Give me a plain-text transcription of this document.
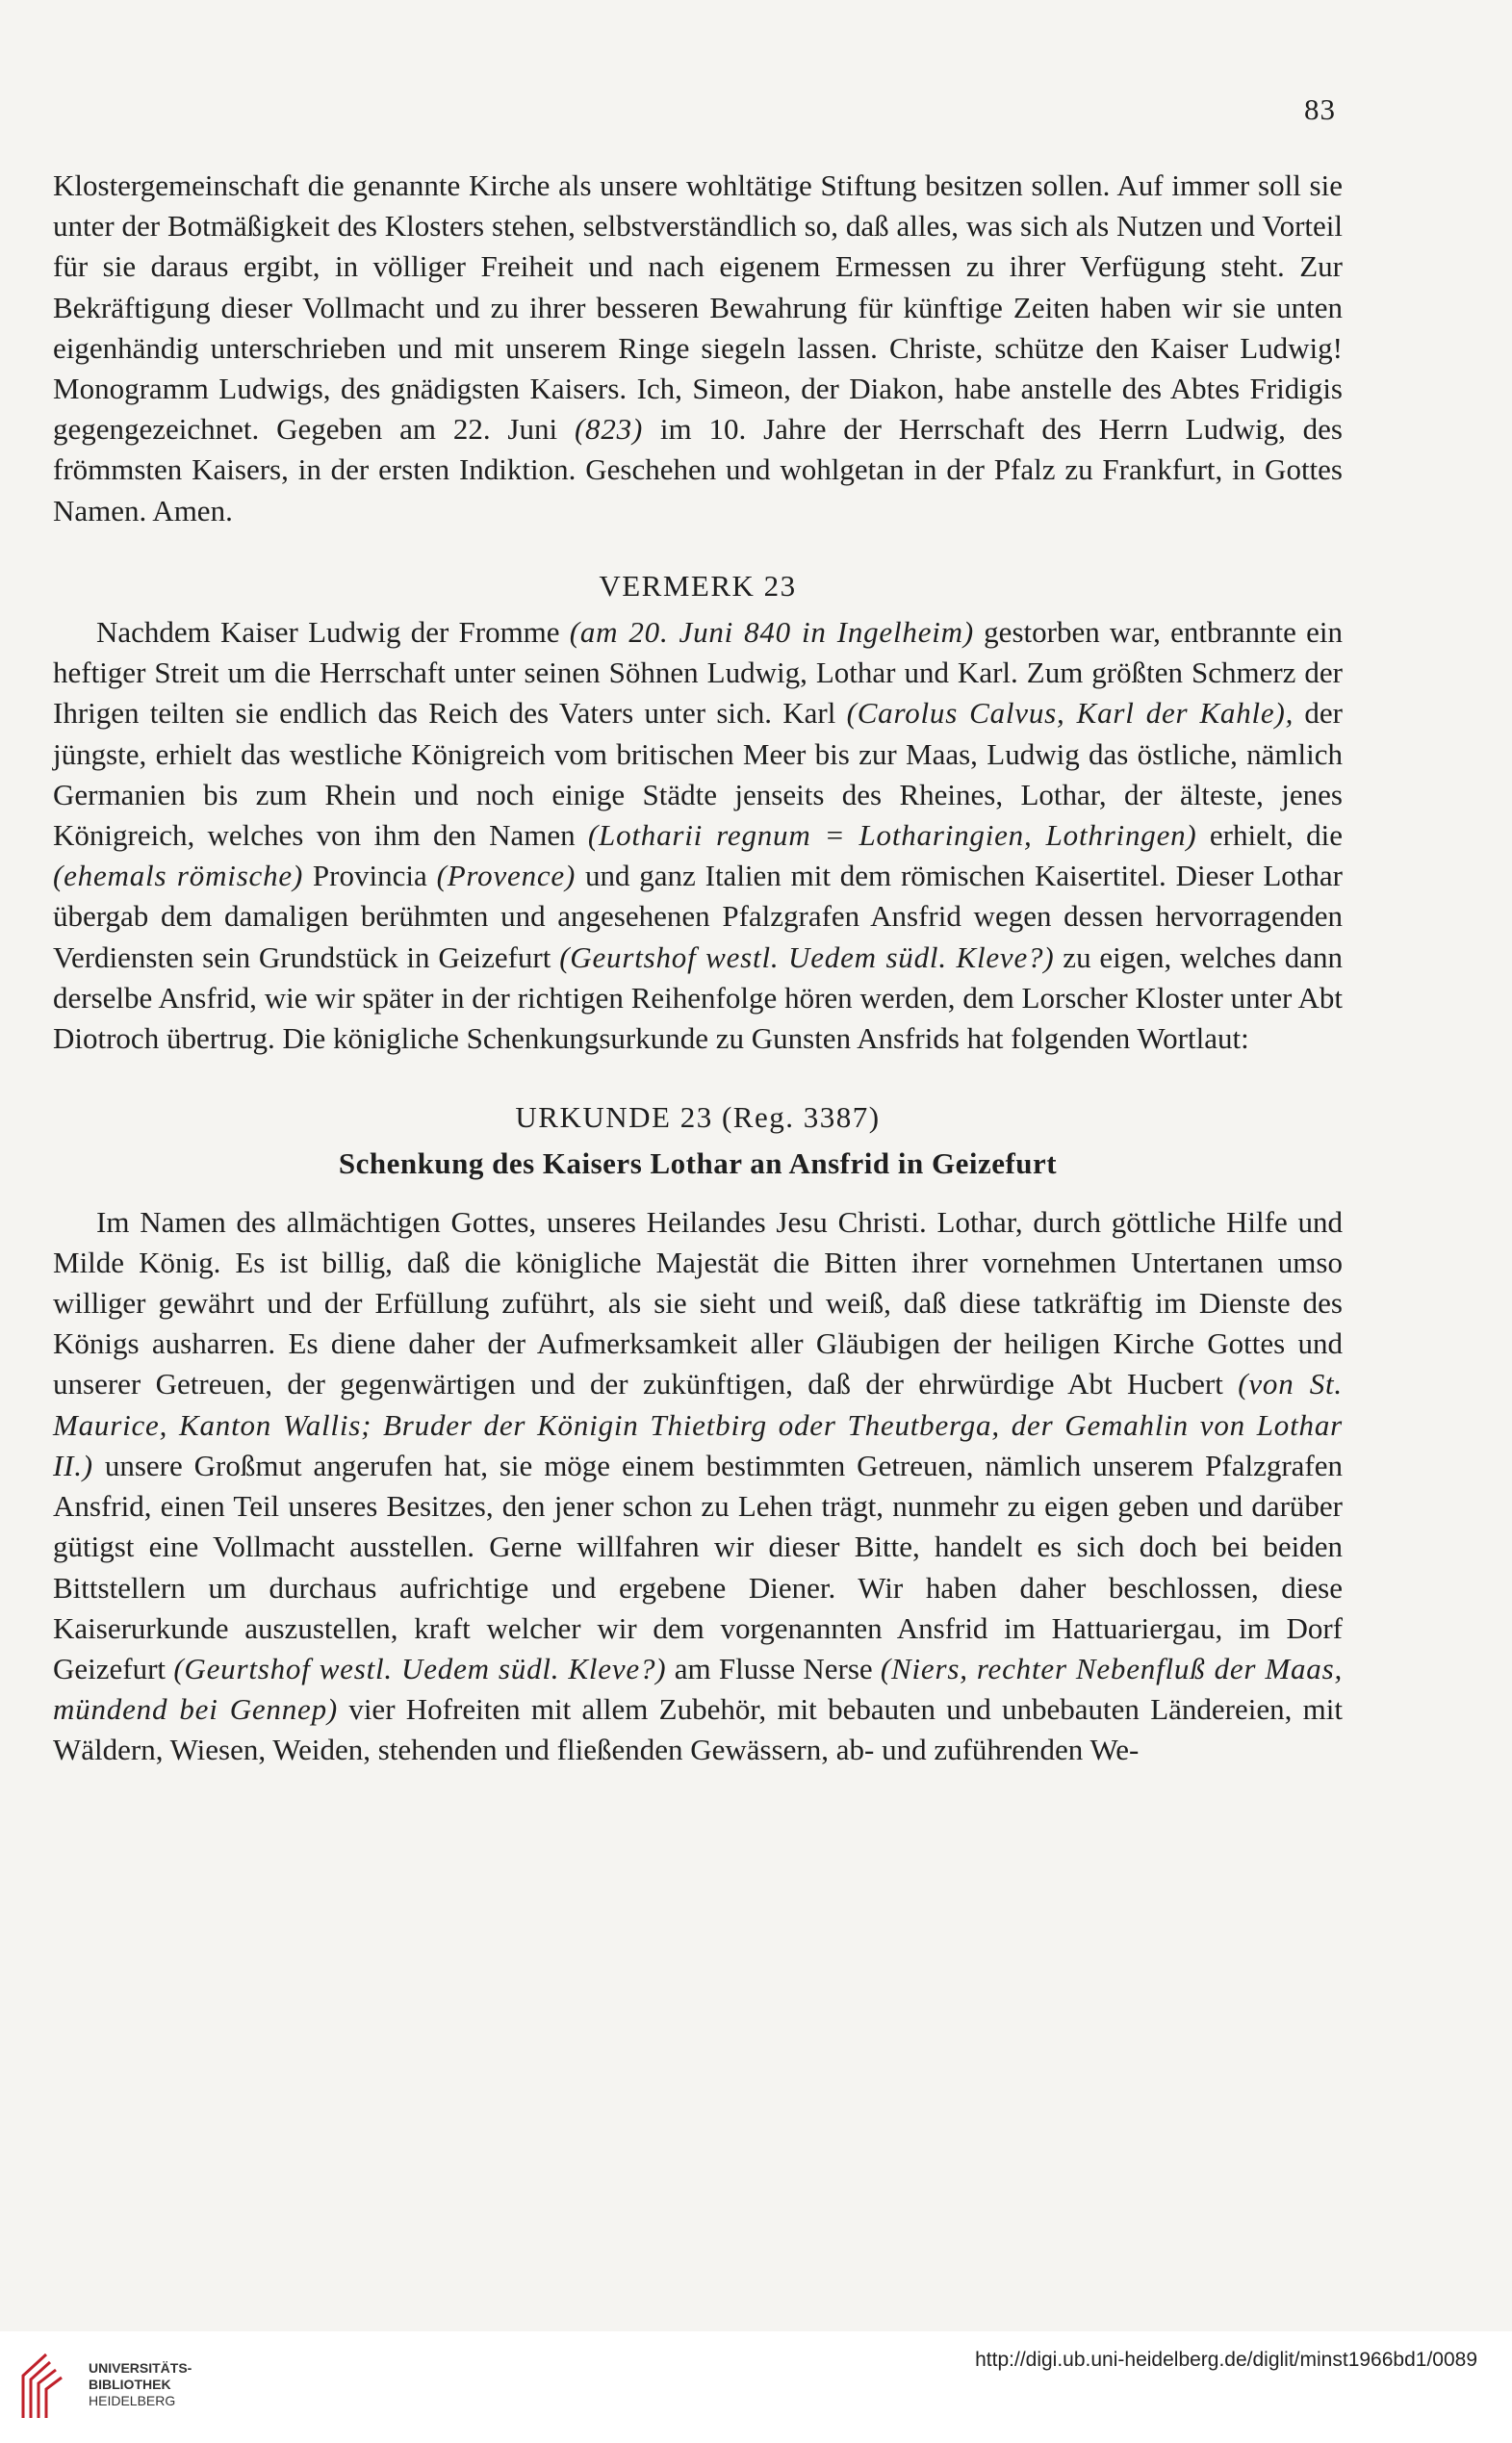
83

Klostergemeinschaft die genannte Kirche als unsere wohltätige Stiftung besitzen sollen. Auf immer soll sie unter der Botmäßigkeit des Klosters stehen, selbstverständlich so, daß alles, was sich als Nutzen und Vorteil für sie daraus ergibt, in völliger Freiheit und nach eigenem Ermessen zu ihrer Verfügung steht. Zur Bekräftigung dieser Vollmacht und zu ihrer besseren Bewahrung für künftige Zeiten haben wir sie unten eigenhändig unterschrieben und mit unserem Ringe siegeln lassen. Christe, schütze den Kaiser Ludwig! Monogramm Ludwigs, des gnädigsten Kaisers. Ich, Simeon, der Diakon, habe anstelle des Abtes Fridigis gegengezeichnet. Gegeben am 22. Juni (823) im 10. Jahre der Herrschaft des Herrn Ludwig, des frömmsten Kaisers, in der ersten Indiktion. Geschehen und wohlgetan in der Pfalz zu Frankfurt, in Gottes Namen. Amen.

VERMERK 23

Nachdem Kaiser Ludwig der Fromme (am 20. Juni 840 in Ingelheim) gestorben war, entbrannte ein heftiger Streit um die Herrschaft unter seinen Söhnen Ludwig, Lothar und Karl. Zum größten Schmerz der Ihrigen teilten sie endlich das Reich des Vaters unter sich. Karl (Carolus Calvus, Karl der Kahle), der jüngste, erhielt das westliche Königreich vom britischen Meer bis zur Maas, Ludwig das östliche, nämlich Germanien bis zum Rhein und noch einige Städte jenseits des Rheines, Lothar, der älteste, jenes Königreich, welches von ihm den Namen (Lotharii regnum = Lotharingien, Lothringen) erhielt, die (ehemals römische) Provincia (Provence) und ganz Italien mit dem römischen Kaisertitel. Dieser Lothar übergab dem damaligen berühmten und angesehenen Pfalzgrafen Ansfrid wegen dessen hervorragenden Verdiensten sein Grundstück in Geizefurt (Geurtshof westl. Uedem südl. Kleve?) zu eigen, welches dann derselbe Ansfrid, wie wir später in der richtigen Reihenfolge hören werden, dem Lorscher Kloster unter Abt Diotroch übertrug. Die königliche Schenkungsurkunde zu Gunsten Ansfrids hat folgenden Wortlaut:

URKUNDE 23 (Reg. 3387)
Schenkung des Kaisers Lothar an Ansfrid in Geizefurt

Im Namen des allmächtigen Gottes, unseres Heilandes Jesu Christi. Lothar, durch göttliche Hilfe und Milde König. Es ist billig, daß die königliche Majestät die Bitten ihrer vornehmen Untertanen umso williger gewährt und der Erfüllung zuführt, als sie sieht und weiß, daß diese tatkräftig im Dienste des Königs ausharren. Es diene daher der Aufmerksamkeit aller Gläubigen der heiligen Kirche Gottes und unserer Getreuen, der gegenwärtigen und der zukünftigen, daß der ehrwürdige Abt Hucbert (von St. Maurice, Kanton Wallis; Bruder der Königin Thietbirg oder Theutberga, der Gemahlin von Lothar II.) unsere Großmut angerufen hat, sie möge einem bestimmten Getreuen, nämlich unserem Pfalzgrafen Ansfrid, einen Teil unseres Besitzes, den jener schon zu Lehen trägt, nunmehr zu eigen geben und darüber gütigst eine Vollmacht ausstellen. Gerne willfahren wir dieser Bitte, handelt es sich doch bei beiden Bittstellern um durchaus aufrichtige und ergebene Diener. Wir haben daher beschlossen, diese Kaiserurkunde auszustellen, kraft welcher wir dem vorgenannten Ansfrid im Hattuariergau, im Dorf Geizefurt (Geurtshof westl. Uedem südl. Kleve?) am Flusse Nerse (Niers, rechter Nebenfluß der Maas, mündend bei Gennep) vier Hofreiten mit allem Zubehör, mit bebauten und unbebauten Ländereien, mit Wäldern, Wiesen, Weiden, stehenden und fließenden Gewässern, ab- und zuführenden We-

UNIVERSITÄTS-
BIBLIOTHEK
HEIDELBERG
http://digi.ub.uni-heidelberg.de/diglit/minst1966bd1/0089
